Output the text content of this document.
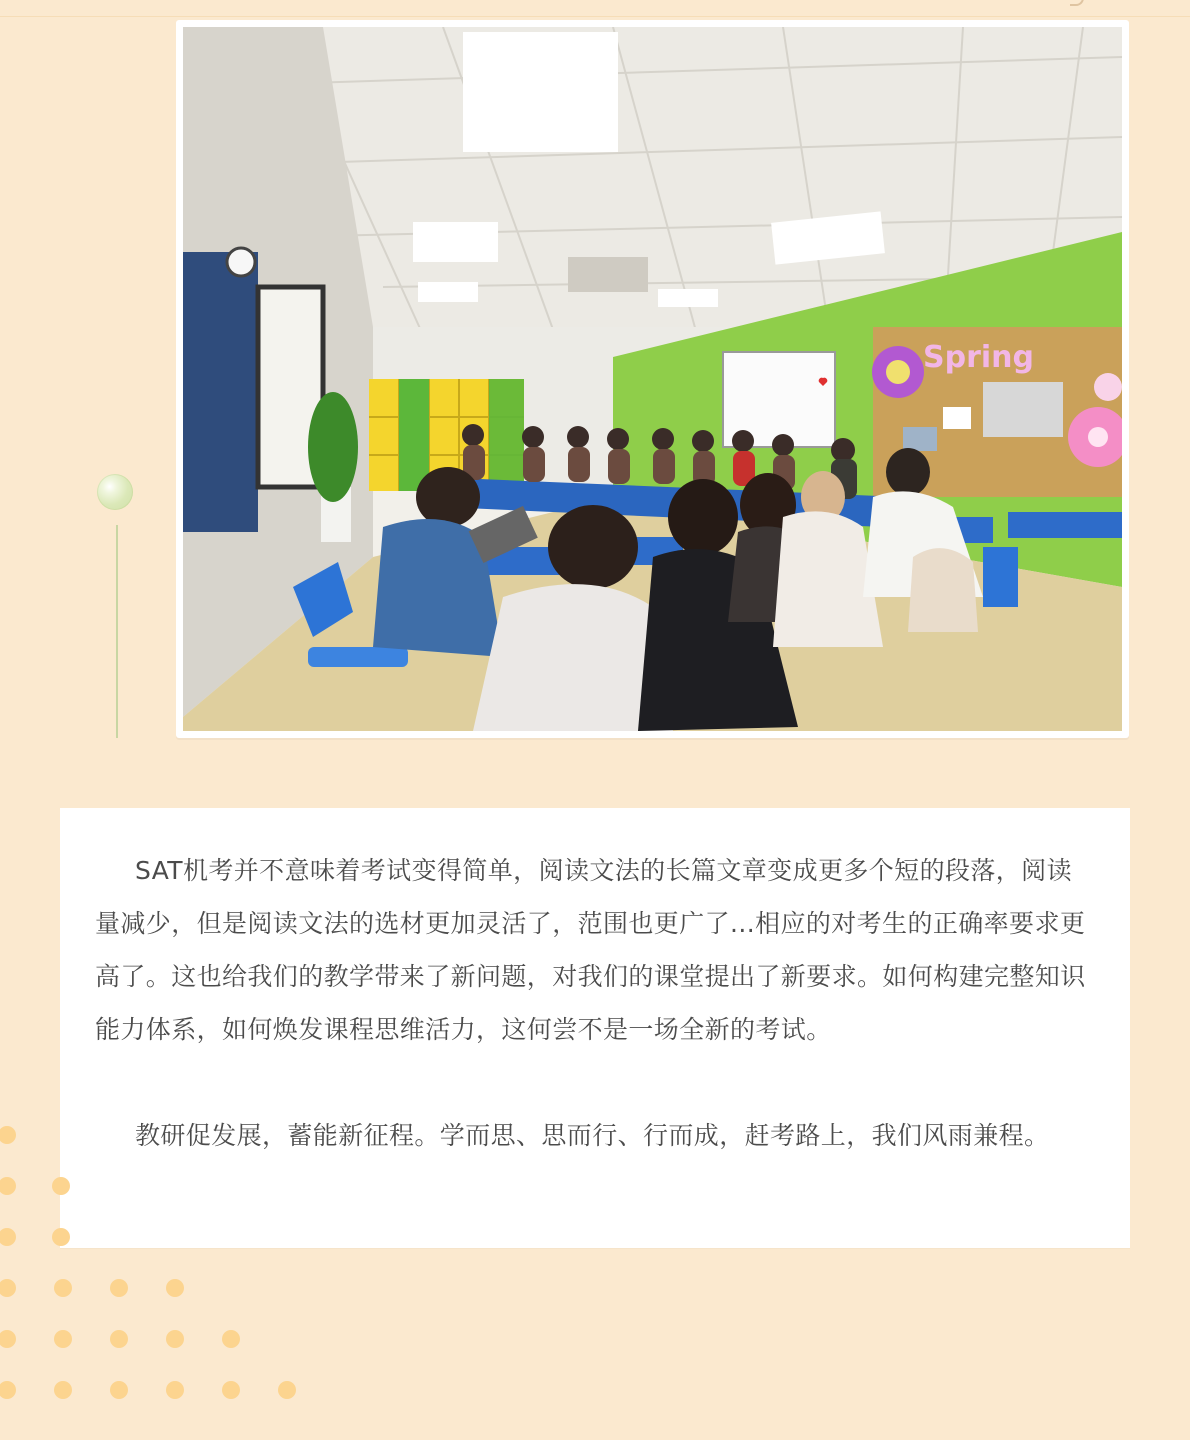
Spring

SAT机考并不意味着考试变得简单，阅读文法的长篇文章变成更多个短的段落，阅读量减少，但是阅读文法的选材更加灵活了，范围也更广了...相应的对考生的正确率要求更高了。这也给我们的教学带来了新问题，对我们的课堂提出了新要求。如何构建完整知识能力体系，如何焕发课程思维活力，这何尝不是一场全新的考试。

教研促发展，蓄能新征程。学而思、思而行、行而成，赶考路上，我们风雨兼程。
